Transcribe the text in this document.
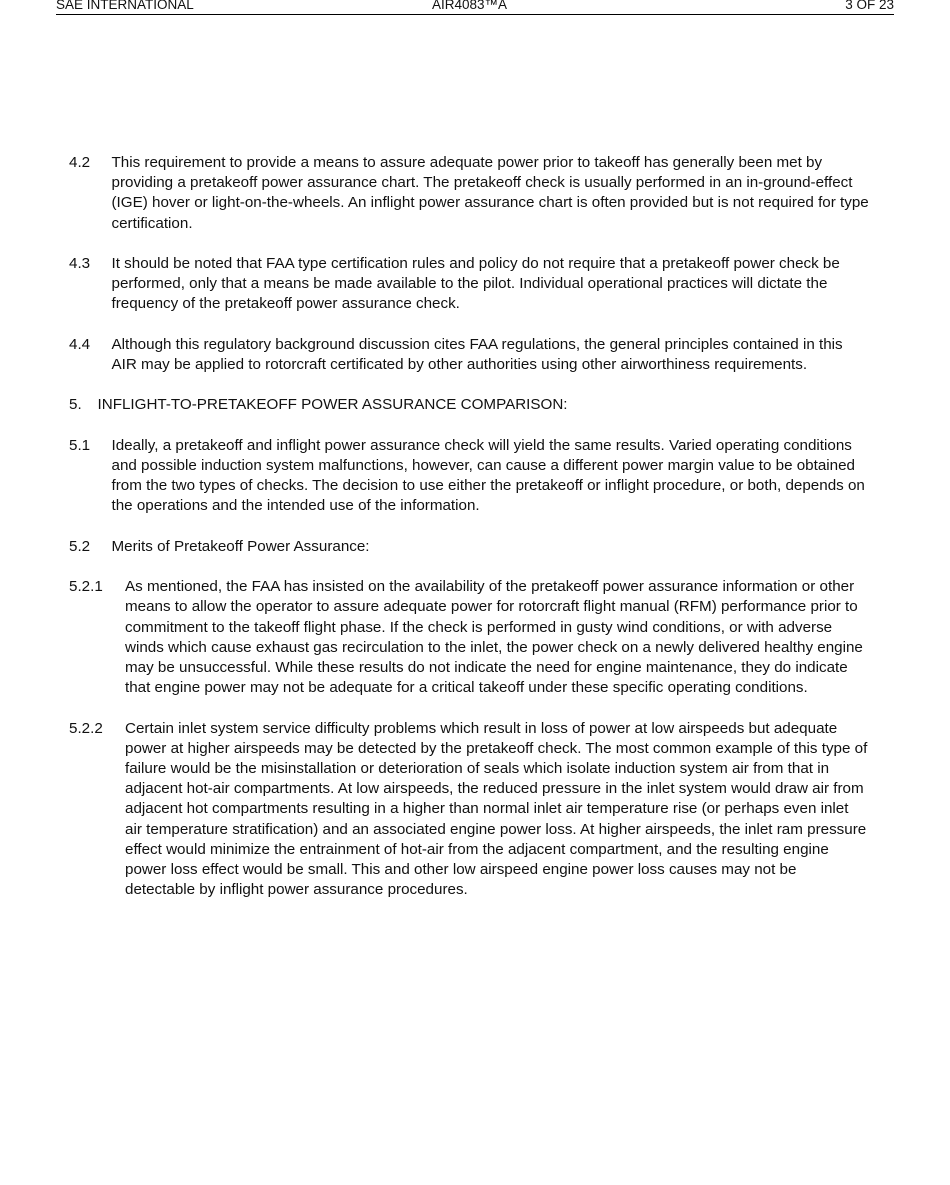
SAE INTERNATIONAL	AIR4083™A	3 OF 23
4.2 This requirement to provide a means to assure adequate power prior to takeoff has generally been met by providing a pretakeoff power assurance chart. The pretakeoff check is usually performed in an in-ground-effect (IGE) hover or light-on-the-wheels. An inflight power assurance chart is often provided but is not required for type certification.
4.3 It should be noted that FAA type certification rules and policy do not require that a pretakeoff power check be performed, only that a means be made available to the pilot. Individual operational practices will dictate the frequency of the pretakeoff power assurance check.
4.4 Although this regulatory background discussion cites FAA regulations, the general principles contained in this AIR may be applied to rotorcraft certificated by other authorities using other airworthiness requirements.
5. INFLIGHT-TO-PRETAKEOFF POWER ASSURANCE COMPARISON:
5.1 Ideally, a pretakeoff and inflight power assurance check will yield the same results. Varied operating conditions and possible induction system malfunctions, however, can cause a different power margin value to be obtained from the two types of checks. The decision to use either the pretakeoff or inflight procedure, or both, depends on the operations and the intended use of the information.
5.2 Merits of Pretakeoff Power Assurance:
5.2.1 As mentioned, the FAA has insisted on the availability of the pretakeoff power assurance information or other means to allow the operator to assure adequate power for rotorcraft flight manual (RFM) performance prior to commitment to the takeoff flight phase. If the check is performed in gusty wind conditions, or with adverse winds which cause exhaust gas recirculation to the inlet, the power check on a newly delivered healthy engine may be unsuccessful. While these results do not indicate the need for engine maintenance, they do indicate that engine power may not be adequate for a critical takeoff under these specific operating conditions.
5.2.2 Certain inlet system service difficulty problems which result in loss of power at low airspeeds but adequate power at higher airspeeds may be detected by the pretakeoff check. The most common example of this type of failure would be the misinstallation or deterioration of seals which isolate induction system air from that in adjacent hot-air compartments. At low airspeeds, the reduced pressure in the inlet system would draw air from adjacent hot compartments resulting in a higher than normal inlet air temperature rise (or perhaps even inlet air temperature stratification) and an associated engine power loss. At higher airspeeds, the inlet ram pressure effect would minimize the entrainment of hot-air from the adjacent compartment, and the resulting engine power loss effect would be small. This and other low airspeed engine power loss causes may not be detectable by inflight power assurance procedures.
